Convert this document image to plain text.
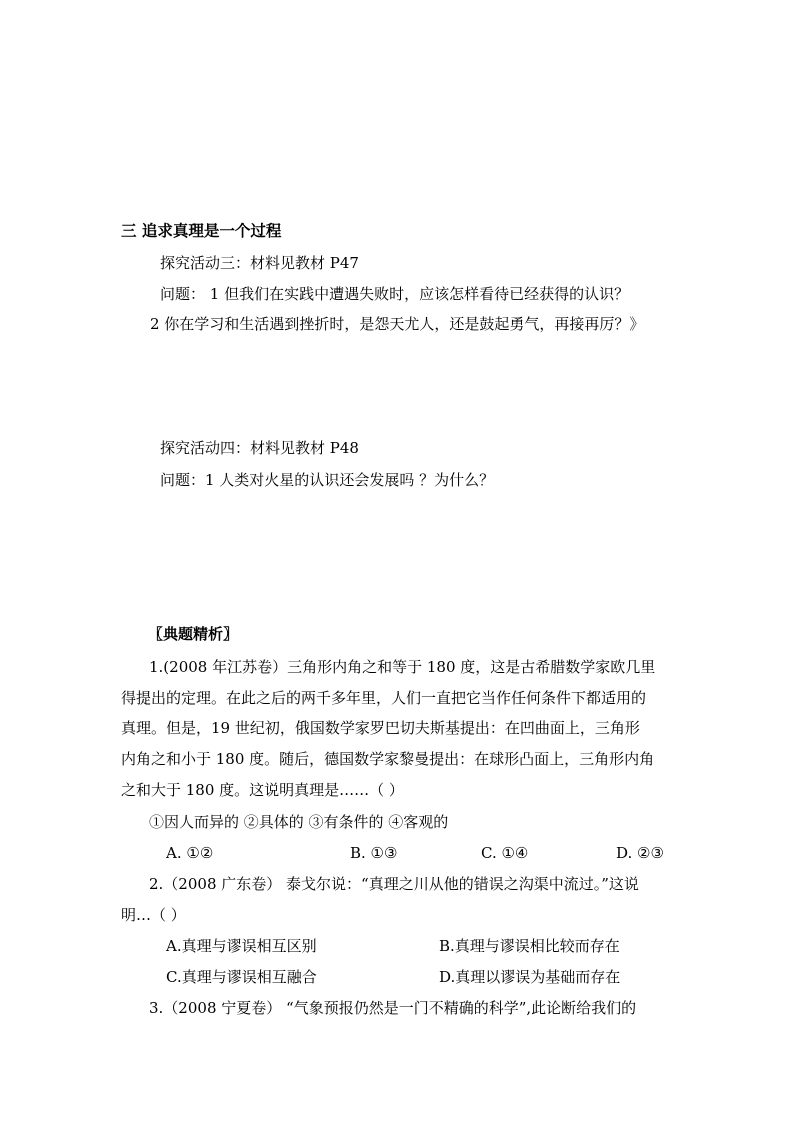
三 追求真理是一个过程
探究活动三：材料见教材 P47
问题： 1 但我们在实践中遭遇失败时，应该怎样看待已经获得的认识？
2 你在学习和生活遇到挫折时，是怨天尤人，还是鼓起勇气，再接再厉？》
探究活动四：材料见教材 P48
问题：1 人类对火星的认识还会发展吗 ？为什么？
〖典题精析〗
1.(2008 年江苏卷）三角形内角之和等于 180 度，这是古希腊数学家欧几里
得提出的定理。在此之后的两千多年里，人们一直把它当作任何条件下都适用的
真理。但是，19 世纪初，俄国数学家罗巴切夫斯基提出：在凹曲面上，三角形
内角之和小于 180 度。随后，德国数学家黎曼提出：在球形凸面上，三角形内角
之和大于 180 度。这说明真理是……（ ）
①因人而异的 ②具体的 ③有条件的 ④客观的
A. ①②	B. ①③	C. ①④	D. ②③
2.（2008 广东卷） 泰戈尔说：“真理之川从他的错误之沟渠中流过。”这说
明…（ ）
A.真理与谬误相互区别	B.真理与谬误相比较而存在
C.真理与谬误相互融合	D.真理以谬误为基础而存在
3.（2008 宁夏卷） “气象预报仍然是一门不精确的科学”,此论断给我们的
